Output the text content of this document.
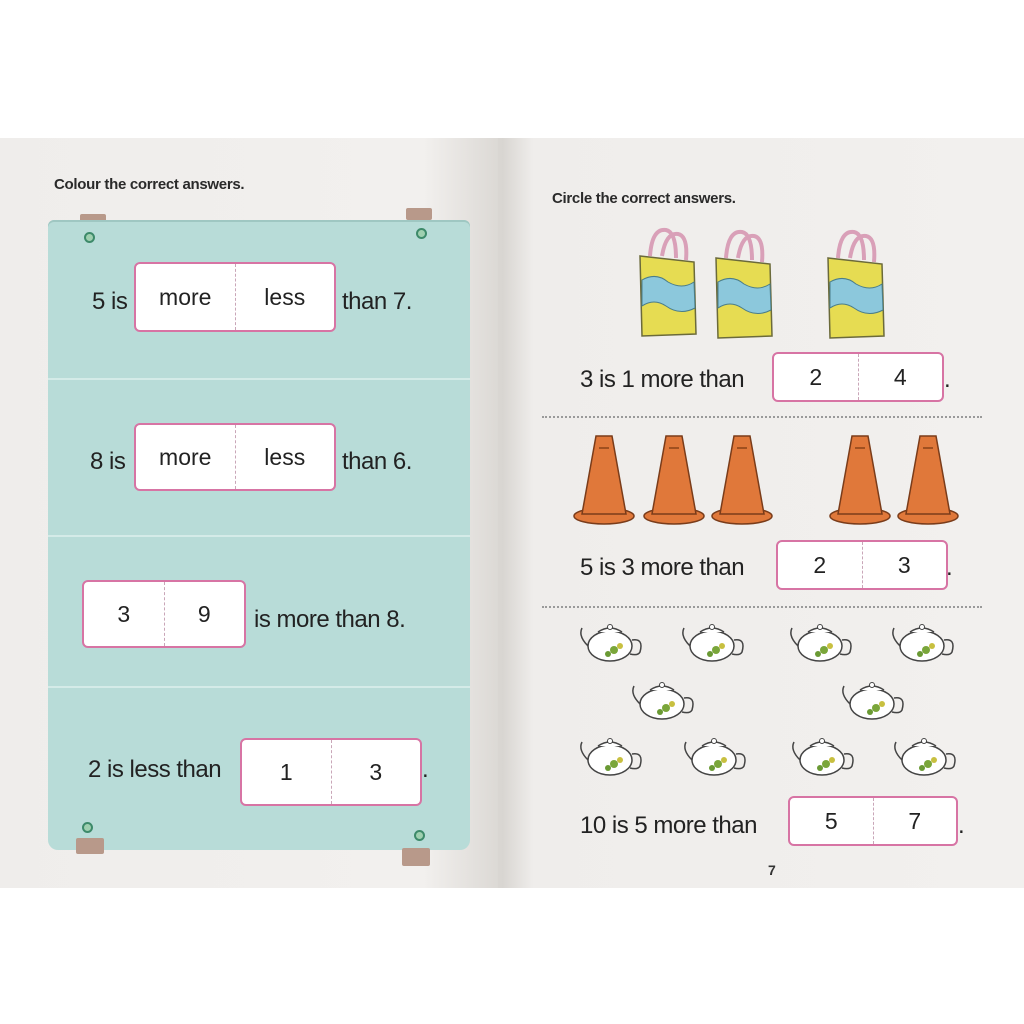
Colour the correct answers.
5 is	more	less	than 7.
8 is	more	less	than 6.
3	9	is more than 8.
2 is less than	1	3	.
Circle the correct answers.
3 is 1 more than	2	4	.
5 is 3 more than	2	3	.
10 is 5 more than	5	7	.
7
